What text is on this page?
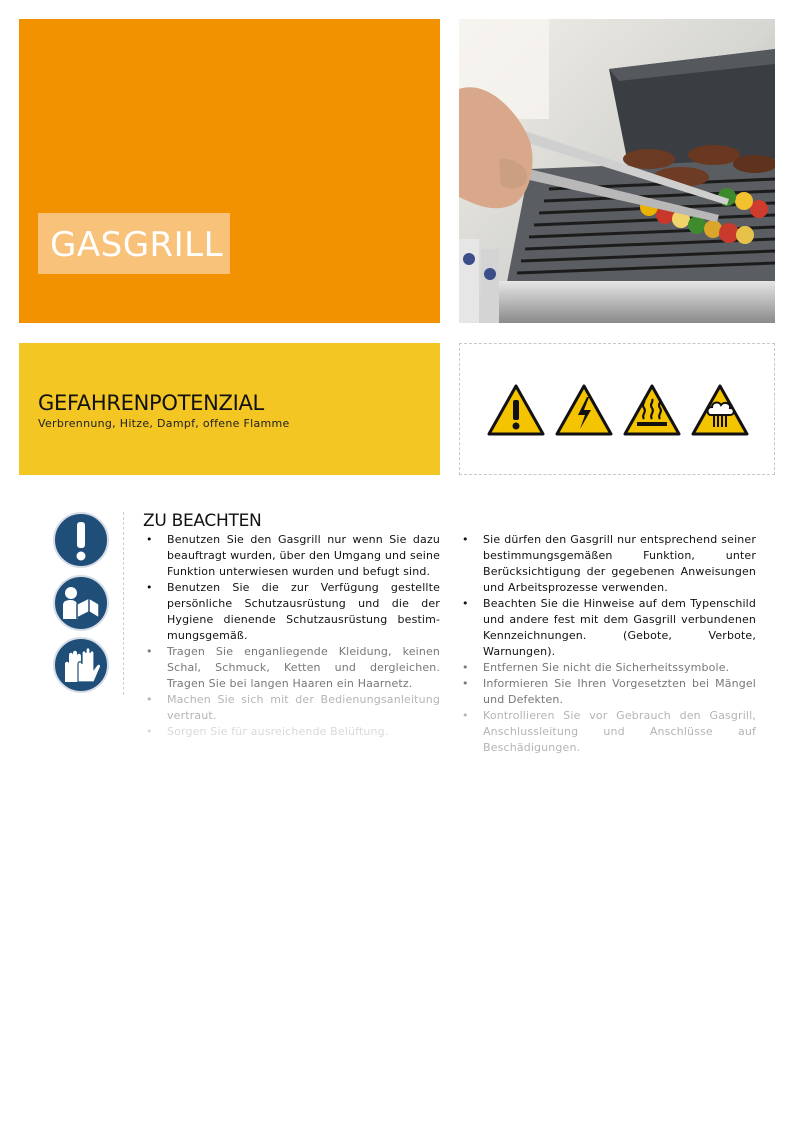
GASGRILL
GEFAHRENPOTENZIAL
Verbrennung, Hitze, Dampf, offene Flamme
ZU BEACHTEN
• Benutzen Sie den Gasgrill nur wenn Sie dazu beauftragt wurden, über den Umgang und seine Funktion unterwiesen wurden und befugt sind.
• Benutzen Sie die zur Verfügung gestellte persönliche Schutzausrüstung und die der Hygiene dienende Schutzausrüstung bestimmungsgemäß.
• Tragen Sie enganliegende Kleidung, keinen Schal, Schmuck, Ketten und dergleichen. Tragen Sie bei langen Haaren ein Haarnetz.
• Machen Sie sich mit der Bedienungsanleitung vertraut.
• Sorgen Sie für ausreichende Belüftung.
• Sie dürfen den Gasgrill nur entsprechend seiner bestimmungsgemäßen Funktion, unter Berücksichtigung der gegebenen Anweisungen und Arbeitsprozesse verwenden.
• Beachten Sie die Hinweise auf dem Typenschild und andere fest mit dem Gasgrill verbundenen Kennzeichnungen. (Gebote, Verbote, Warnungen).
• Entfernen Sie nicht die Sicherheitssymbole.
• Informieren Sie Ihren Vorgesetzten bei Mängel und Defekten.
• Kontrollieren Sie vor Gebrauch den Gasgrill, Anschlussleitung und Anschlüsse auf Beschädigungen.
